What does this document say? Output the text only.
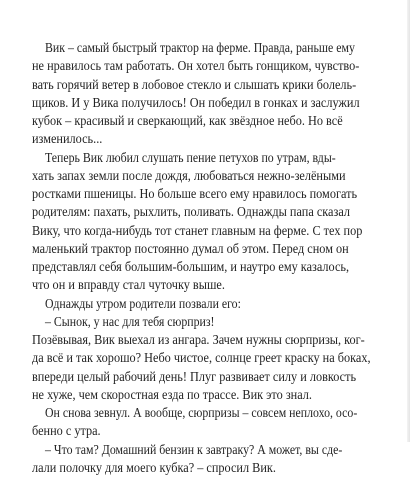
Вик – самый быстрый трактор на ферме. Правда, раньше ему
не нравилось там работать. Он хотел быть гонщиком, чувство-
вать горячий ветер в лобовое стекло и слышать крики болель-
щиков. И у Вика получилось! Он победил в гонках и заслужил
кубок – красивый и сверкающий, как звёздное небо. Но всё
изменилось...
Теперь Вик любил слушать пение петухов по утрам, вды-
хать запах земли после дождя, любоваться нежно-зелёными
ростками пшеницы. Но больше всего ему нравилось помогать
родителям: пахать, рыхлить, поливать. Однажды папа сказал
Вику, что когда-нибудь тот станет главным на ферме. С тех пор
маленький трактор постоянно думал об этом. Перед сном он
представлял себя большим-большим, и наутро ему казалось,
что он и вправду стал чуточку выше.
Однажды утром родители позвали его:
– Сынок, у нас для тебя сюрприз!
Позёвывая, Вик выехал из ангара. Зачем нужны сюрпризы, ког-
да всё и так хорошо? Небо чистое, солнце греет краску на боках,
впереди целый рабочий день! Плуг развивает силу и ловкость
не хуже, чем скоростная езда по трассе. Вик это знал.
Он снова зевнул. А вообще, сюрпризы – совсем неплохо, осо-
бенно с утра.
– Что там? Домашний бензин к завтраку? А может, вы сде-
лали полочку для моего кубка? – спросил Вик.
